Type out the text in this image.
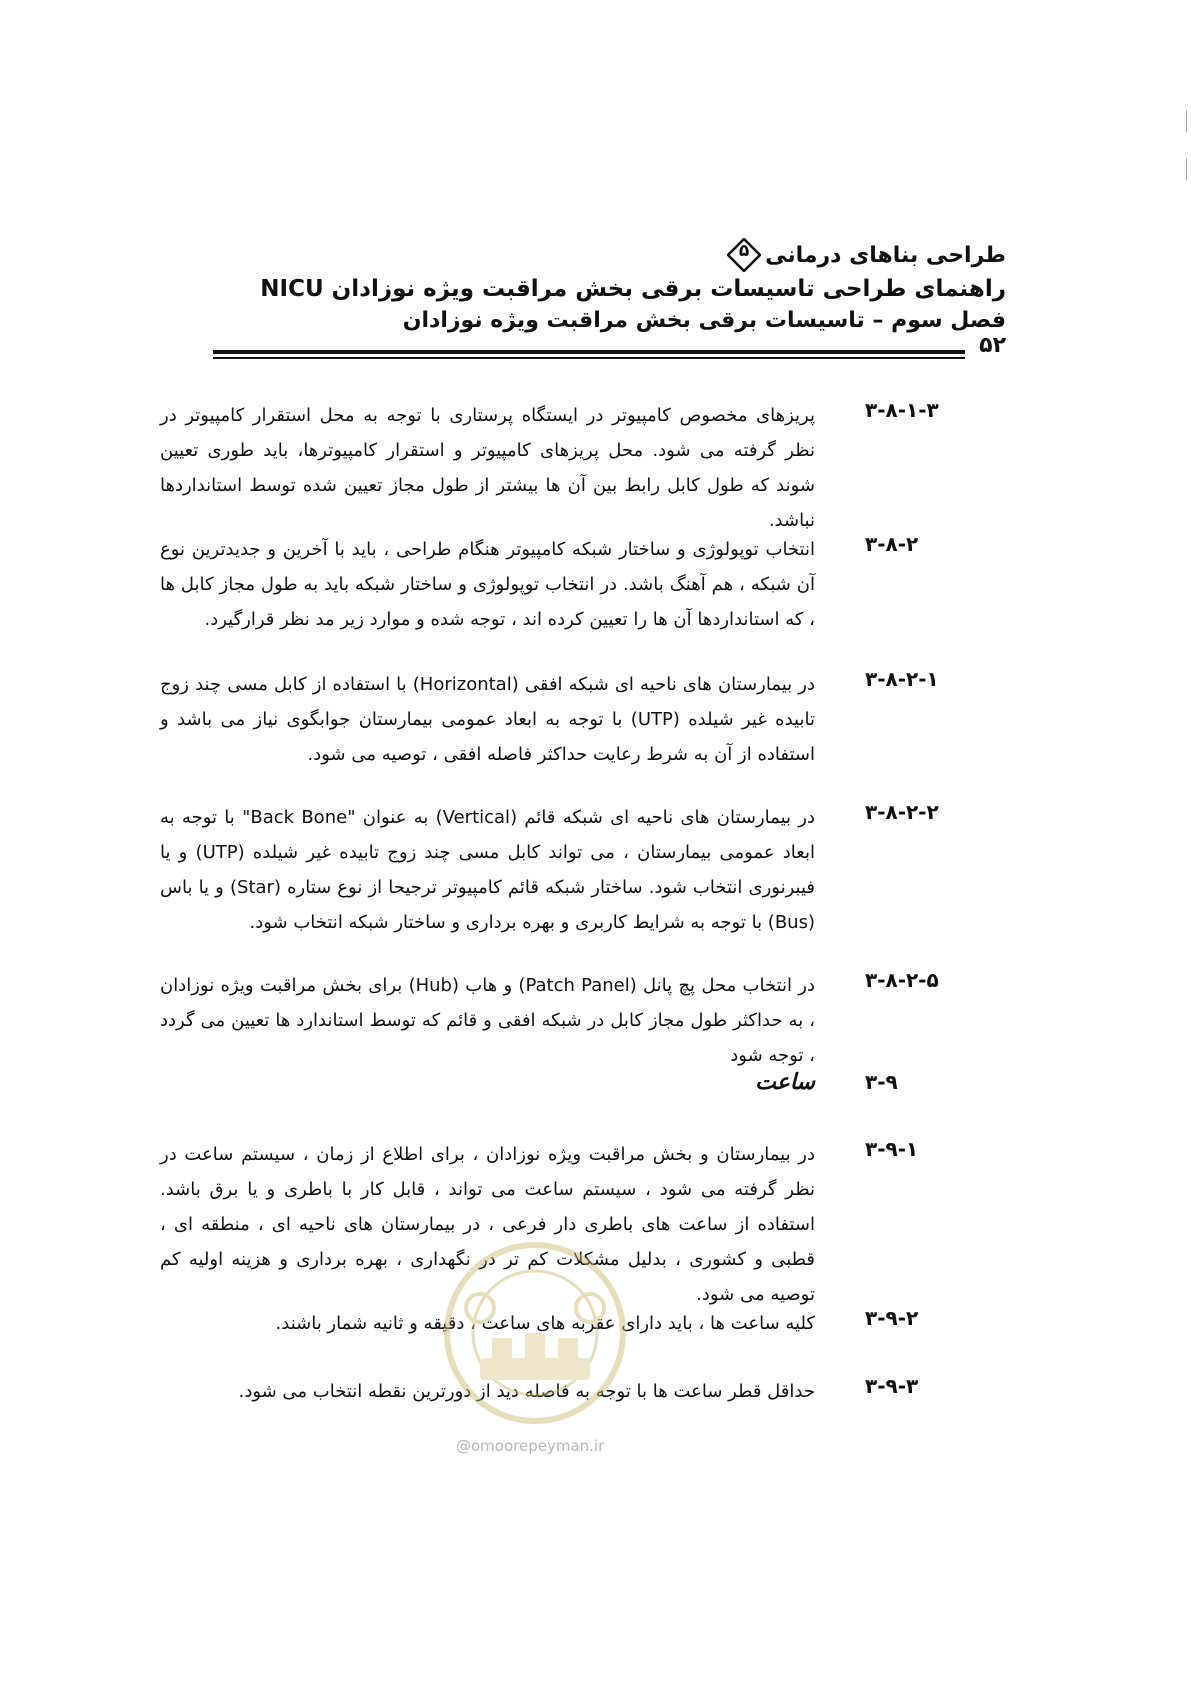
طراحی بناهای درمانی
۵
راهنمای طراحی تاسیسات برقی بخش مراقبت ویژه نوزادان NICU
فصل سوم – تاسیسات برقی بخش مراقبت ویژه نوزادان
۵۲
۳-۸-۱-۳
پریزهای مخصوص کامپیوتر در ایستگاه پرستاری با توجه به محل استقرار کامپیوتر در نظر گرفته می شود. محل پریزهای کامپیوتر و استقرار کامپیوترها، باید طوری تعیین شوند که طول کابل رابط بین آن ها بیشتر از طول مجاز تعیین شده توسط استانداردها نباشد.
۳-۸-۲
انتخاب توپولوژی و ساختار شبکه کامپیوتر هنگام طراحی ، باید با آخرین و جدیدترین نوع آن شبکه ، هم آهنگ باشد. در انتخاب توپولوژی و ساختار شبکه باید به طول مجاز کابل ها ، که استانداردها آن ها را تعیین کرده اند ، توجه شده و موارد زیر مد نظر قرارگیرد.
۳-۸-۲-۱
در بیمارستان های ناحیه ای شبکه افقی (Horizontal) با استفاده از کابل مسی چند زوج تابیده غیر شیلده (UTP) با توجه به ابعاد عمومی بیمارستان جوابگوی نیاز می باشد و استفاده از آن به شرط رعایت حداکثر فاصله افقی ، توصیه می شود.
۳-۸-۲-۲
در بیمارستان های ناحیه ای شبکه قائم (Vertical) به عنوان "Back Bone" با توجه به ابعاد عمومی بیمارستان ، می تواند کابل مسی چند زوج تابیده غیر شیلده (UTP) و یا فیبرنوری انتخاب شود. ساختار شبکه قائم کامپیوتر ترجیحا از نوع ستاره (Star) و یا باس (Bus) با توجه به شرایط کاربری و بهره برداری و ساختار شبکه انتخاب شود.
۳-۸-۲-۵
در انتخاب محل پچ پانل (Patch Panel) و هاب (Hub) برای بخش مراقبت ویژه نوزادان ، به حداکثر طول مجاز کابل در شبکه افقی و قائم که توسط استاندارد ها تعیین می گردد ، توجه شود
۳-۹
ساعت
۳-۹-۱
در بیمارستان و بخش مراقبت ویژه نوزادان ، برای اطلاع از زمان ، سیستم ساعت در نظر گرفته می شود ، سیستم ساعت می تواند ، قابل کار با باطری و یا برق باشد. استفاده از ساعت های باطری دار فرعی ، در بیمارستان های ناحیه ای ، منطقه ای ، قطبی و کشوری ، بدلیل مشکلات کم تر در نگهداری ، بهره برداری و هزینه اولیه کم توصیه می شود.
۳-۹-۲
کلیه ساعت ها ، باید دارای عقربه های ساعت ، دقیقه و ثانیه شمار باشند.
۳-۹-۳
حداقل قطر ساعت ها با توجه به فاصله دید از دورترین نقطه انتخاب می شود.
@omoorepeyman.ir
